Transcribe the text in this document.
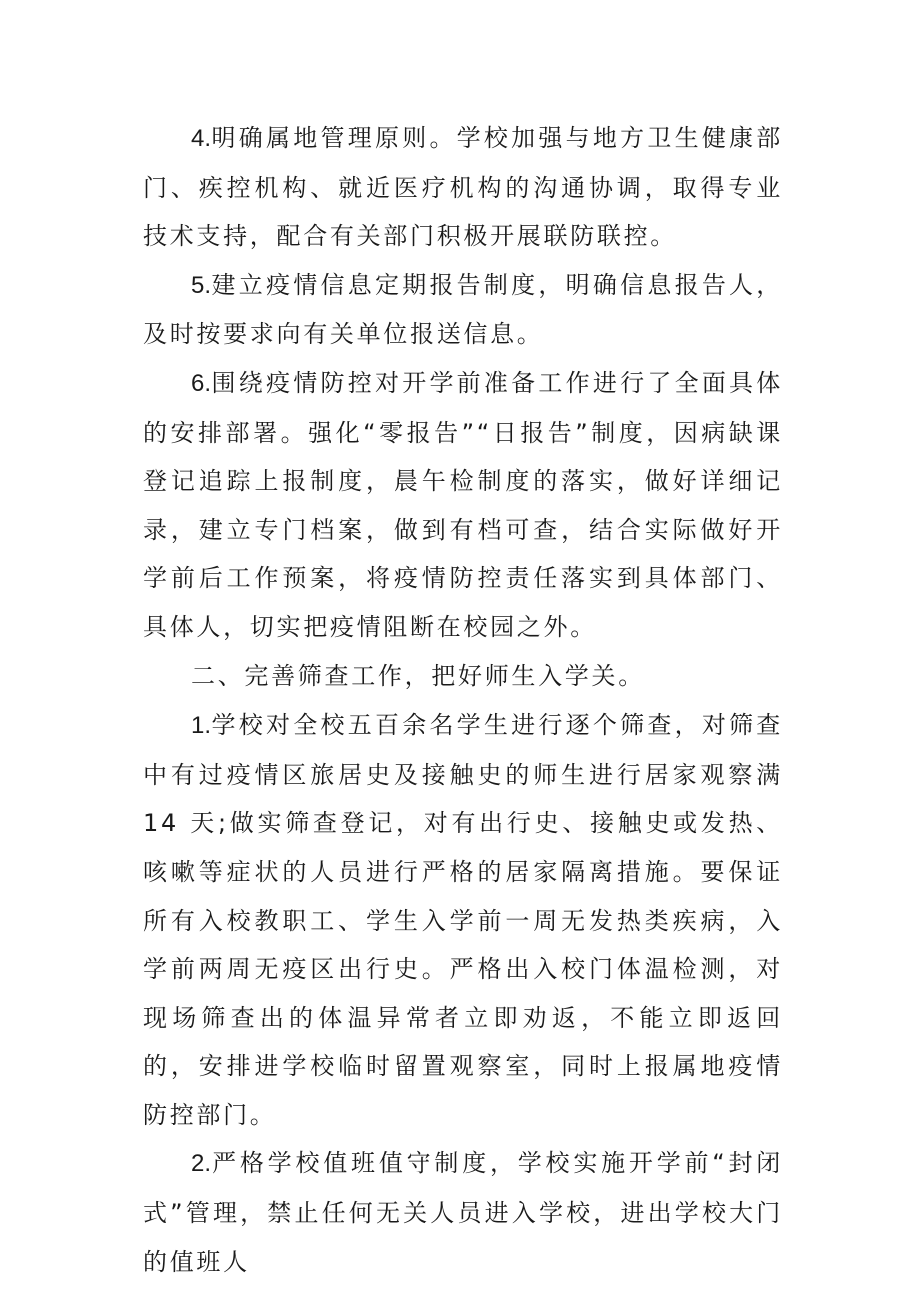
4.明确属地管理原则。学校加强与地方卫生健康部门、疾控机构、就近医疗机构的沟通协调，取得专业技术支持，配合有关部门积极开展联防联控。

5.建立疫情信息定期报告制度，明确信息报告人，及时按要求向有关单位报送信息。

6.围绕疫情防控对开学前准备工作进行了全面具体的安排部署。强化“零报告”“日报告”制度，因病缺课登记追踪上报制度，晨午检制度的落实，做好详细记录，建立专门档案，做到有档可查，结合实际做好开学前后工作预案，将疫情防控责任落实到具体部门、具体人，切实把疫情阻断在校园之外。

二、完善筛查工作，把好师生入学关。

1.学校对全校五百余名学生进行逐个筛查，对筛查中有过疫情区旅居史及接触史的师生进行居家观察满 14 天;做实筛查登记，对有出行史、接触史或发热、咳嗽等症状的人员进行严格的居家隔离措施。要保证所有入校教职工、学生入学前一周无发热类疾病，入学前两周无疫区出行史。严格出入校门体温检测，对现场筛查出的体温异常者立即劝返，不能立即返回的，安排进学校临时留置观察室，同时上报属地疫情防控部门。

2.严格学校值班值守制度，学校实施开学前“封闭式”管理，禁止任何无关人员进入学校，进出学校大门的值班人
